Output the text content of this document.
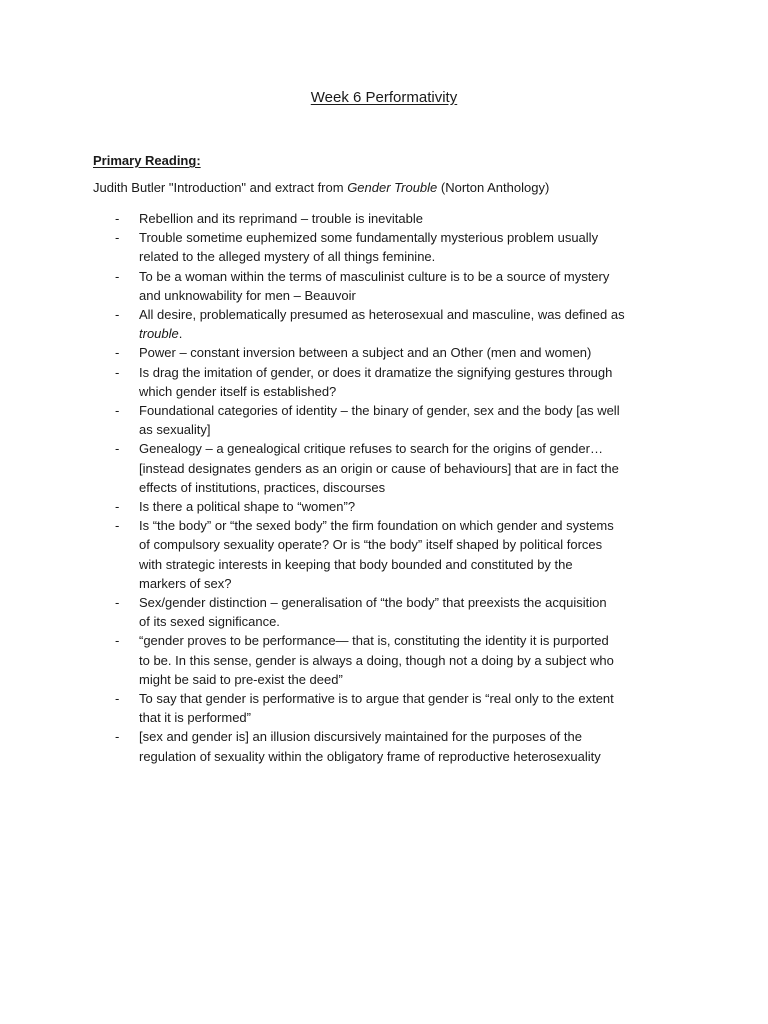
Week 6 Performativity
Primary Reading:
Judith Butler "Introduction" and extract from Gender Trouble (Norton Anthology)
- Rebellion and its reprimand – trouble is inevitable
- Trouble sometime euphemized some fundamentally mysterious problem usually
related to the alleged mystery of all things feminine.
- To be a woman within the terms of masculinist culture is to be a source of mystery
and unknowability for men – Beauvoir
- All desire, problematically presumed as heterosexual and masculine, was defined as
trouble.
- Power – constant inversion between a subject and an Other (men and women)
- Is drag the imitation of gender, or does it dramatize the signifying gestures through
which gender itself is established?
- Foundational categories of identity – the binary of gender, sex and the body [as well
as sexuality]
- Genealogy – a genealogical critique refuses to search for the origins of gender…
[instead designates genders as an origin or cause of behaviours] that are in fact the
effects of institutions, practices, discourses
- Is there a political shape to “women”?
- Is “the body” or “the sexed body” the firm foundation on which gender and systems
of compulsory sexuality operate? Or is “the body” itself shaped by political forces
with strategic interests in keeping that body bounded and constituted by the
markers of sex?
- Sex/gender distinction – generalisation of “the body” that preexists the acquisition
of its sexed significance.
- “gender proves to be performance— that is, constituting the identity it is purported
to be. In this sense, gender is always a doing, though not a doing by a subject who
might be said to pre-exist the deed”
- To say that gender is performative is to argue that gender is “real only to the extent
that it is performed”
- [sex and gender is] an illusion discursively maintained for the purposes of the
regulation of sexuality within the obligatory frame of reproductive heterosexuality
